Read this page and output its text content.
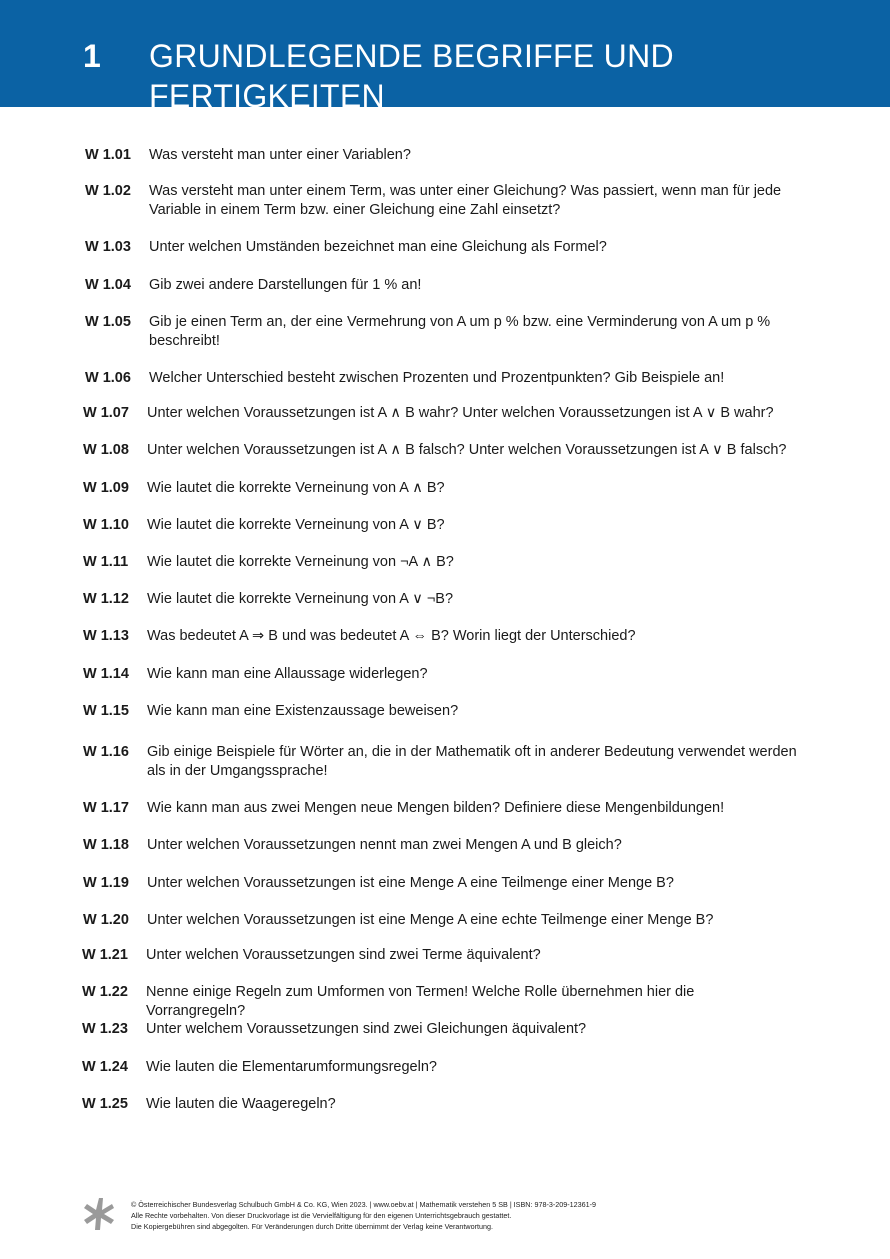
1 GRUNDLEGENDE BEGRIFFE UND FERTIGKEITEN
W 1.01	Was versteht man unter einer Variablen?
W 1.02	Was versteht man unter einem Term, was unter einer Gleichung? Was passiert, wenn man für jede Variable in einem Term bzw. einer Gleichung eine Zahl einsetzt?
W 1.03	Unter welchen Umständen bezeichnet man eine Gleichung als Formel?
W 1.04	Gib zwei andere Darstellungen für 1 % an!
W 1.05	Gib je einen Term an, der eine Vermehrung von A um p % bzw. eine Verminderung von A um p % beschreibt!
W 1.06	Welcher Unterschied besteht zwischen Prozenten und Prozentpunkten? Gib Beispiele an!
W 1.07	Unter welchen Voraussetzungen ist A ∧ B wahr? Unter welchen Voraussetzungen ist A ∨ B wahr?
W 1.08	Unter welchen Voraussetzungen ist A ∧ B falsch? Unter welchen Voraussetzungen ist A ∨ B falsch?
W 1.09	Wie lautet die korrekte Verneinung von A ∧ B?
W 1.10	Wie lautet die korrekte Verneinung von A ∨ B?
W 1.11	Wie lautet die korrekte Verneinung von ¬A ∧ B?
W 1.12	Wie lautet die korrekte Verneinung von A ∨ ¬B?
W 1.13	Was bedeutet A ⇒ B und was bedeutet A ⇔ B? Worin liegt der Unterschied?
W 1.14	Wie kann man eine Allaussage widerlegen?
W 1.15	Wie kann man eine Existenzaussage beweisen?
W 1.16	Gib einige Beispiele für Wörter an, die in der Mathematik oft in anderer Bedeutung verwendet werden als in der Umgangssprache!
W 1.17	Wie kann man aus zwei Mengen neue Mengen bilden? Definiere diese Mengenbildungen!
W 1.18	Unter welchen Voraussetzungen nennt man zwei Mengen A und B gleich?
W 1.19	Unter welchen Voraussetzungen ist eine Menge A eine Teilmenge einer Menge B?
W 1.20	Unter welchen Voraussetzungen ist eine Menge A eine echte Teilmenge einer Menge B?
W 1.21	Unter welchen Voraussetzungen sind zwei Terme äquivalent?
W 1.22	Nenne einige Regeln zum Umformen von Termen! Welche Rolle übernehmen hier die Vorrangregeln?
W 1.23	Unter welchem Voraussetzungen sind zwei Gleichungen äquivalent?
W 1.24	Wie lauten die Elementarumformungsregeln?
W 1.25	Wie lauten die Waageregeln?
© Österreichischer Bundesverlag Schulbuch GmbH & Co. KG, Wien 2023. | www.oebv.at | Mathematik verstehen 5 SB | ISBN: 978-3-209-12361-9
Alle Rechte vorbehalten. Von dieser Druckvorlage ist die Vervielfältigung für den eigenen Unterrichtsgebrauch gestattet.
Die Kopiergebühren sind abgegolten. Für Veränderungen durch Dritte übernimmt der Verlag keine Verantwortung.
